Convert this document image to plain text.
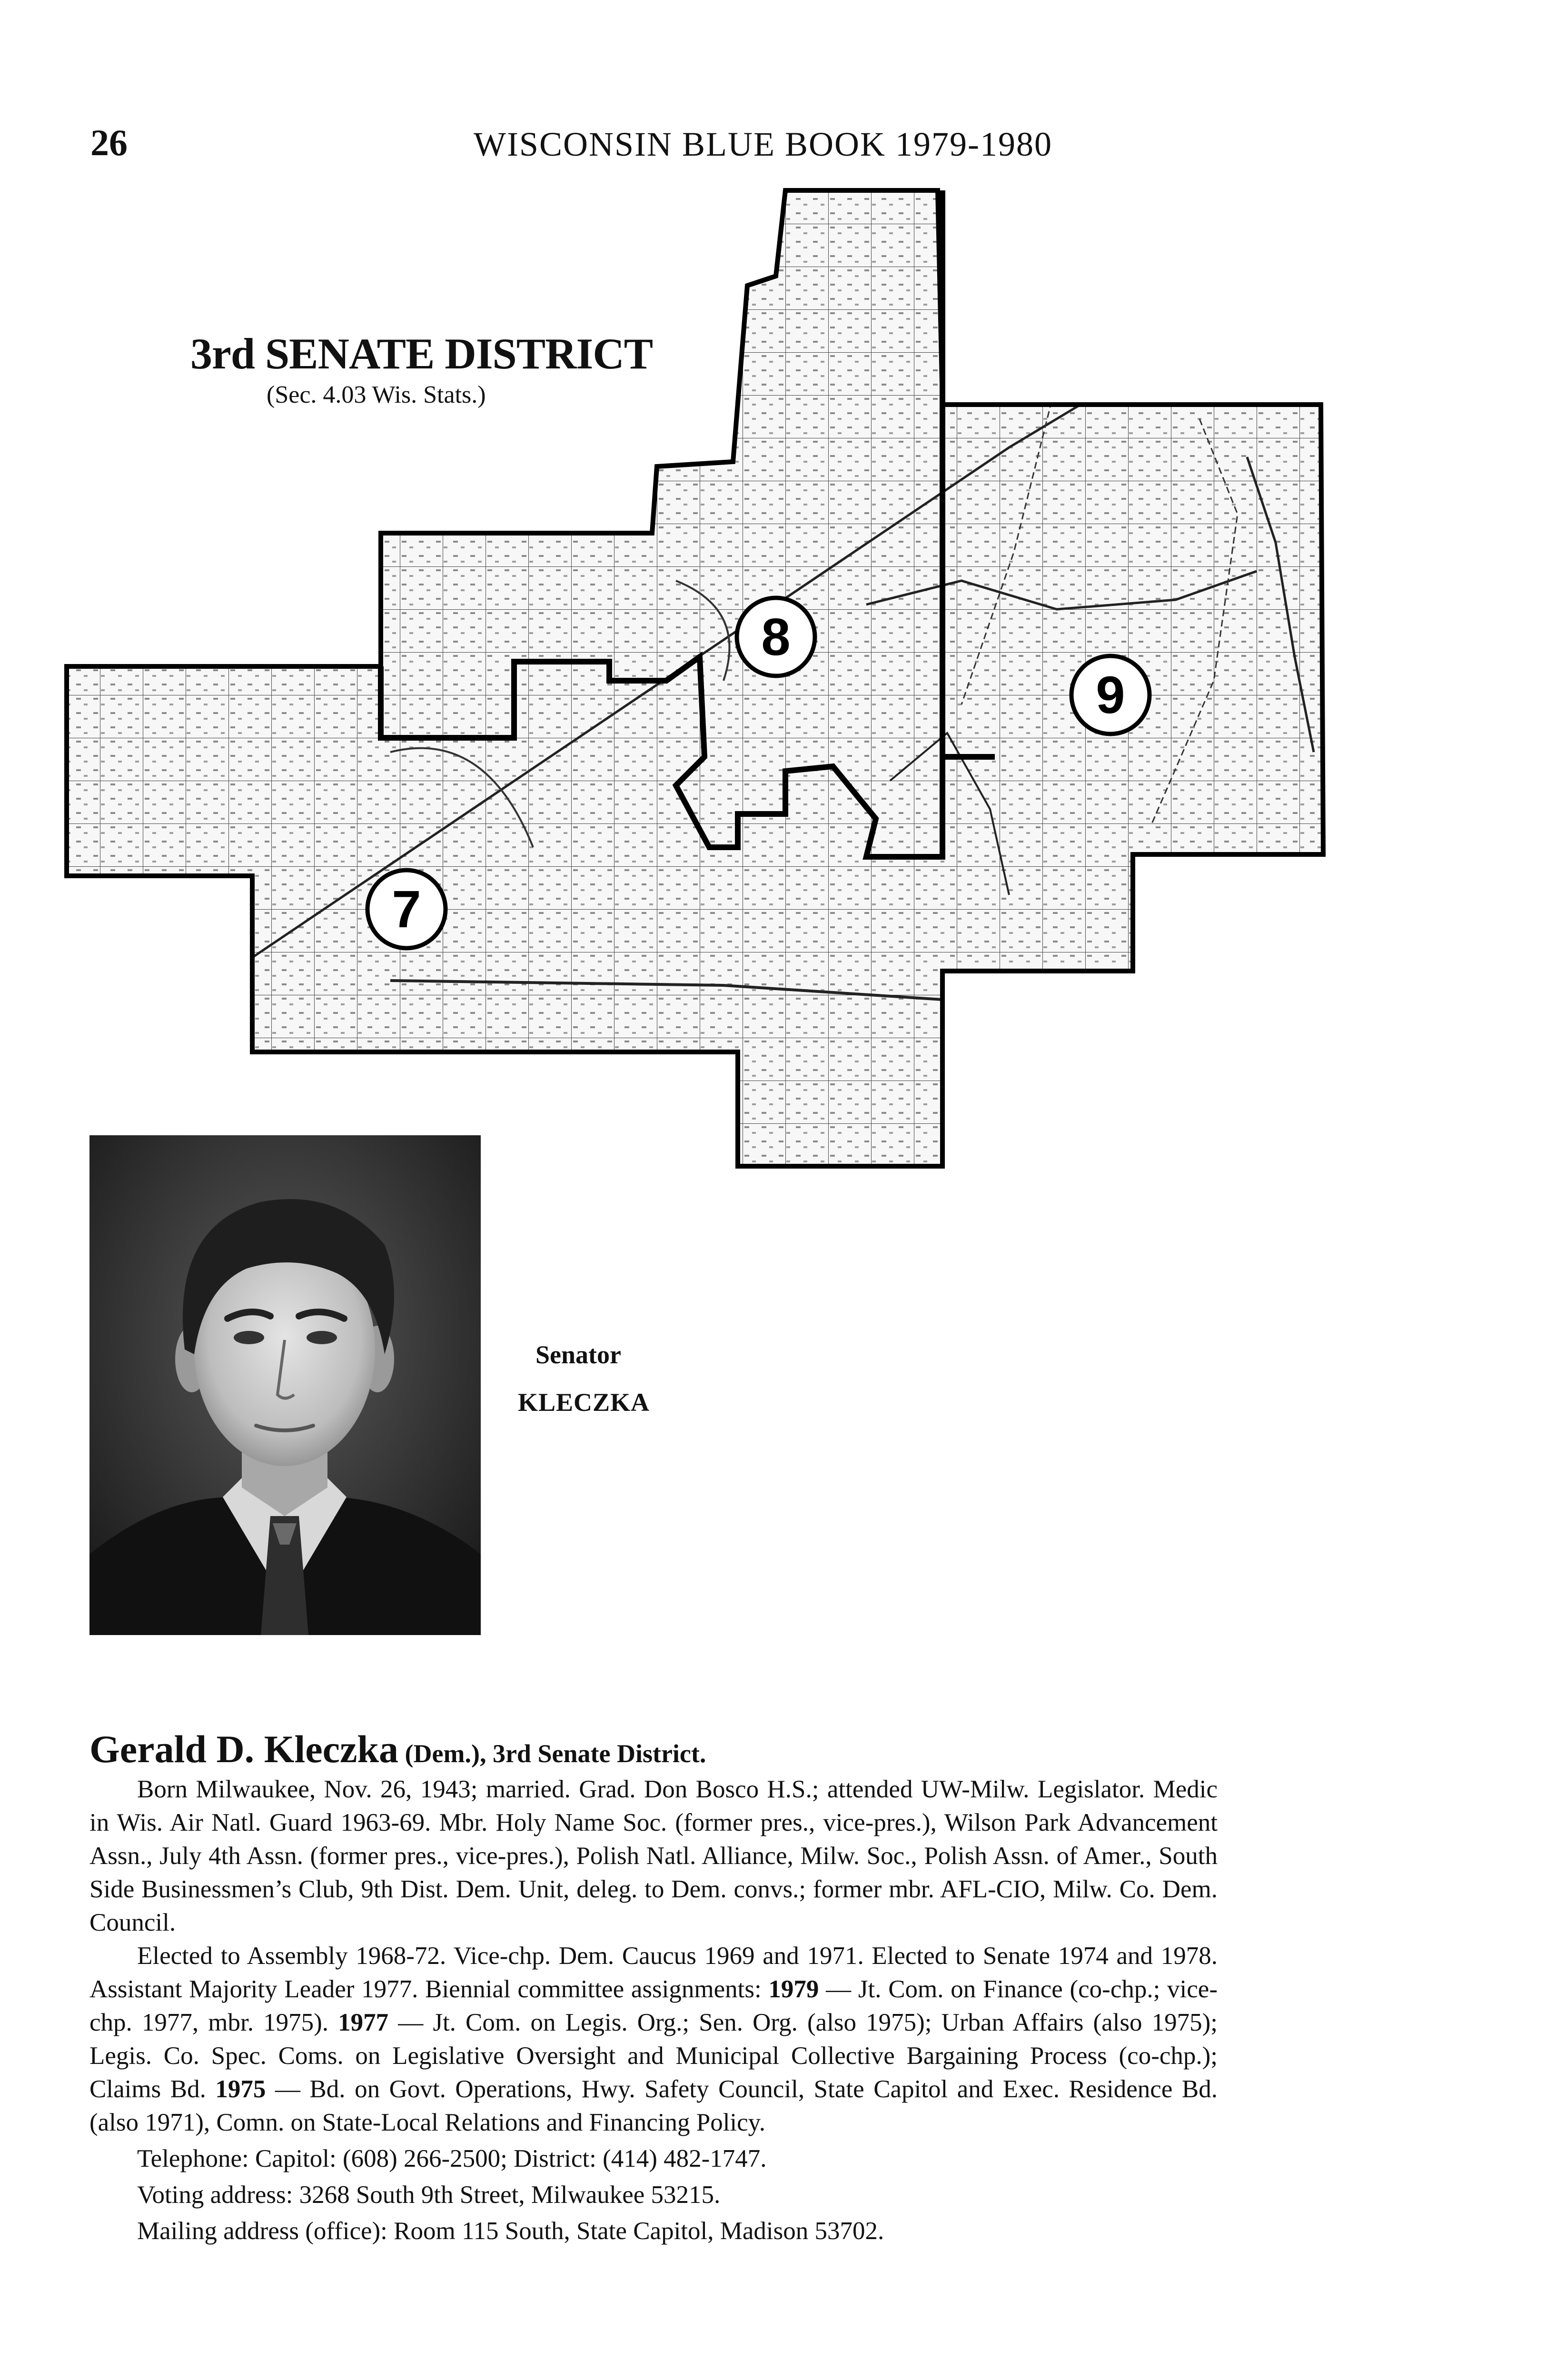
26	WISCONSIN BLUE BOOK 1979-1980
7
8
9
3rd SENATE DISTRICT
(Sec. 4.03 Wis. Stats.)
Senator
KLECZKA
Gerald D. Kleczka (Dem.), 3rd Senate District.

Born Milwaukee, Nov. 26, 1943; married. Grad. Don Bosco H.S.; attended UW-Milw. Legislator. Medic in Wis. Air Natl. Guard 1963-69. Mbr. Holy Name Soc. (former pres., vice-pres.), Wilson Park Advancement Assn., July 4th Assn. (former pres., vice-pres.), Polish Natl. Alliance, Milw. Soc., Polish Assn. of Amer., South Side Businessmen’s Club, 9th Dist. Dem. Unit, deleg. to Dem. convs.; former mbr. AFL-CIO, Milw. Co. Dem. Council.

Elected to Assembly 1968-72. Vice-chp. Dem. Caucus 1969 and 1971. Elected to Senate 1974 and 1978. Assistant Majority Leader 1977. Biennial committee assignments: 1979 — Jt. Com. on Finance (co-chp.; vice-chp. 1977, mbr. 1975). 1977 — Jt. Com. on Legis. Org.; Sen. Org. (also 1975); Urban Affairs (also 1975); Legis. Co. Spec. Coms. on Legislative Oversight and Municipal Collective Bargaining Process (co-chp.); Claims Bd. 1975 — Bd. on Govt. Operations, Hwy. Safety Council, State Capitol and Exec. Residence Bd. (also 1971), Comn. on State-Local Relations and Financing Policy.

Telephone: Capitol: (608) 266-2500; District: (414) 482-1747.

Voting address: 3268 South 9th Street, Milwaukee 53215.

Mailing address (office): Room 115 South, State Capitol, Madison 53702.
